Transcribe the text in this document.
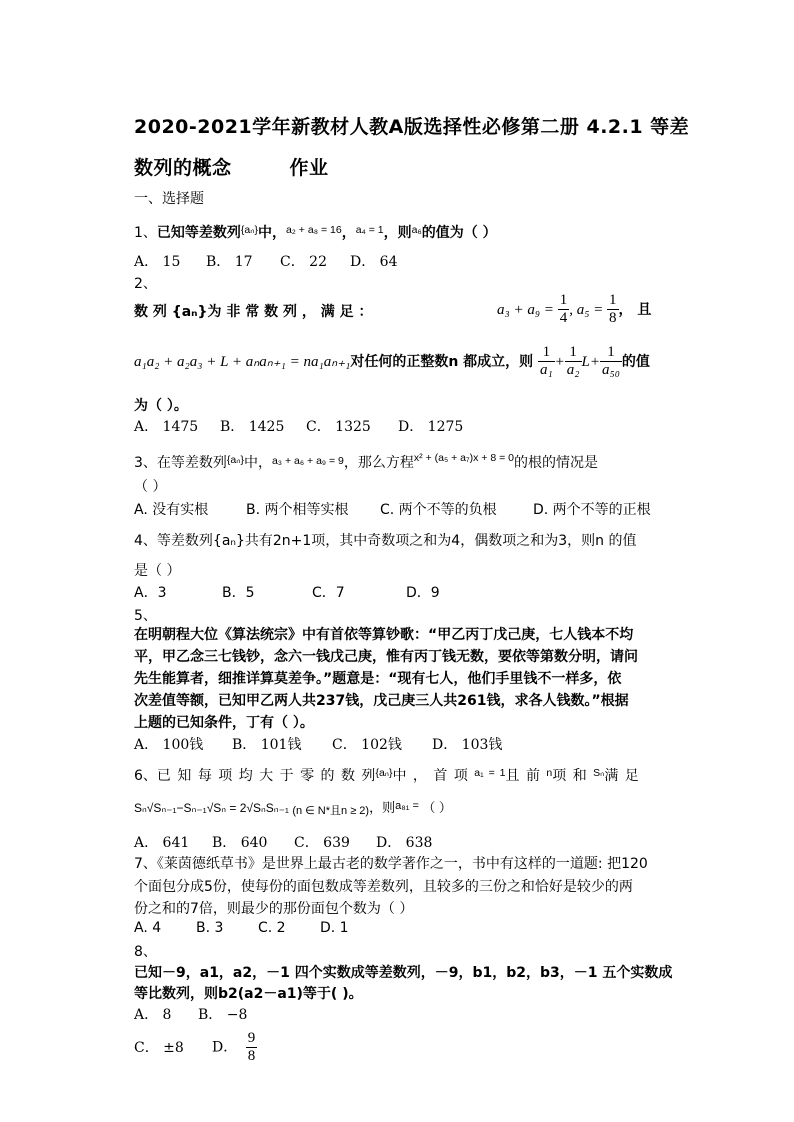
2020-2021学年新教材人教A版选择性必修第二册 4.2.1 等差
数列的概念	作业
一、选择题
1、已知等差数列$^{\{a_n\}}$中，$^{a_2 + a_8 = 16}$，$^{a_4 = 1}$，则$^{a_6}$的值为（ ）
A． 15 B． 17 C． 22 D． 64
2、
数 列 {aₙ}为 非 常 数 列 ， 满 足 ：	$a_3 + a_9 = \frac{1}{4}$ , $a_5 = \frac{1}{8}$ ， 且
a₁a₂ + a₂a₃ + L + aₙaₙ₊₁ = na₁aₙ₊₁对任何的正整数n 都成立，则 $\frac{1}{\text{a₁}} + \frac{1}{\text{a₂}} L+ \frac{1}{\text{a₅₀}}$ 的值
为（ ）。
A． 1475 B． 1425 C． 1325 D． 1275
3、在等差数列$^{\{a_n\}}$中，$^{a_3 + a_6 + a_9 = 9}$，那么方程$^{x^2 + (a_5 + a_7)x + 8 = 0}$的根的情况是
（ ）
A. 没有实根	B. 两个相等实根 C. 两个不等的负根	D. 两个不等的正根
4、等差数列{aₙ}共有2n+1项，其中奇数项之和为4，偶数项之和为3，则n 的值
是（ ）
A．3	B．5	C．7	D．9
5、
在明朝程大位《算法统宗》中有首依等算钞歌：“甲乙丙丁戊己庚，七人钱本不均
平，甲乙念三七钱钞，念六一钱戊己庚，惟有丙丁钱无数，要依等第数分明，请问
先生能算者，细推详算莫差争。”题意是：“现有七人，他们手里钱不一样多，依
次差值等额，已知甲乙两人共237钱，戊己庚三人共261钱，求各人钱数。”根据
上题的已知条件，丁有（ ）。
A． 100钱 B． 101钱 C． 102钱 D． 103钱
6、已 知 每 项 均 大 于 零 的 数 列$^{\{a_n\}}$中 ， 首 项 $^{a_1 = 1}$且 前 $^n$项 和 $^{S_n}$满 足
Sₙ√Sₙ₋₁−Sₙ₋₁√Sₙ = 2√SₙSₙ₋₁ (n ∈ N*且n ≥ 2)，则a₈₁ = （ ）
A． 641 B． 640 C． 639 D． 638
7、《莱茵德纸草书》是世界上最古老的数学著作之一，书中有这样的一道题: 把120
个面包分成5份，使每份的面包数成等差数列，且较多的三份之和恰好是较少的两
份之和的7倍，则最少的那份面包个数为（ ）
A. 4 B. 3 C. 2 D. 1
8、
已知－9，a1，a2，－1 四个实数成等差数列，－9，b1，b2，b3，－1 五个实数成
等比数列，则b2(a2－a1)等于( )。
A． 8 B． −8
C． ±8 D． $\frac{9}{8}$
